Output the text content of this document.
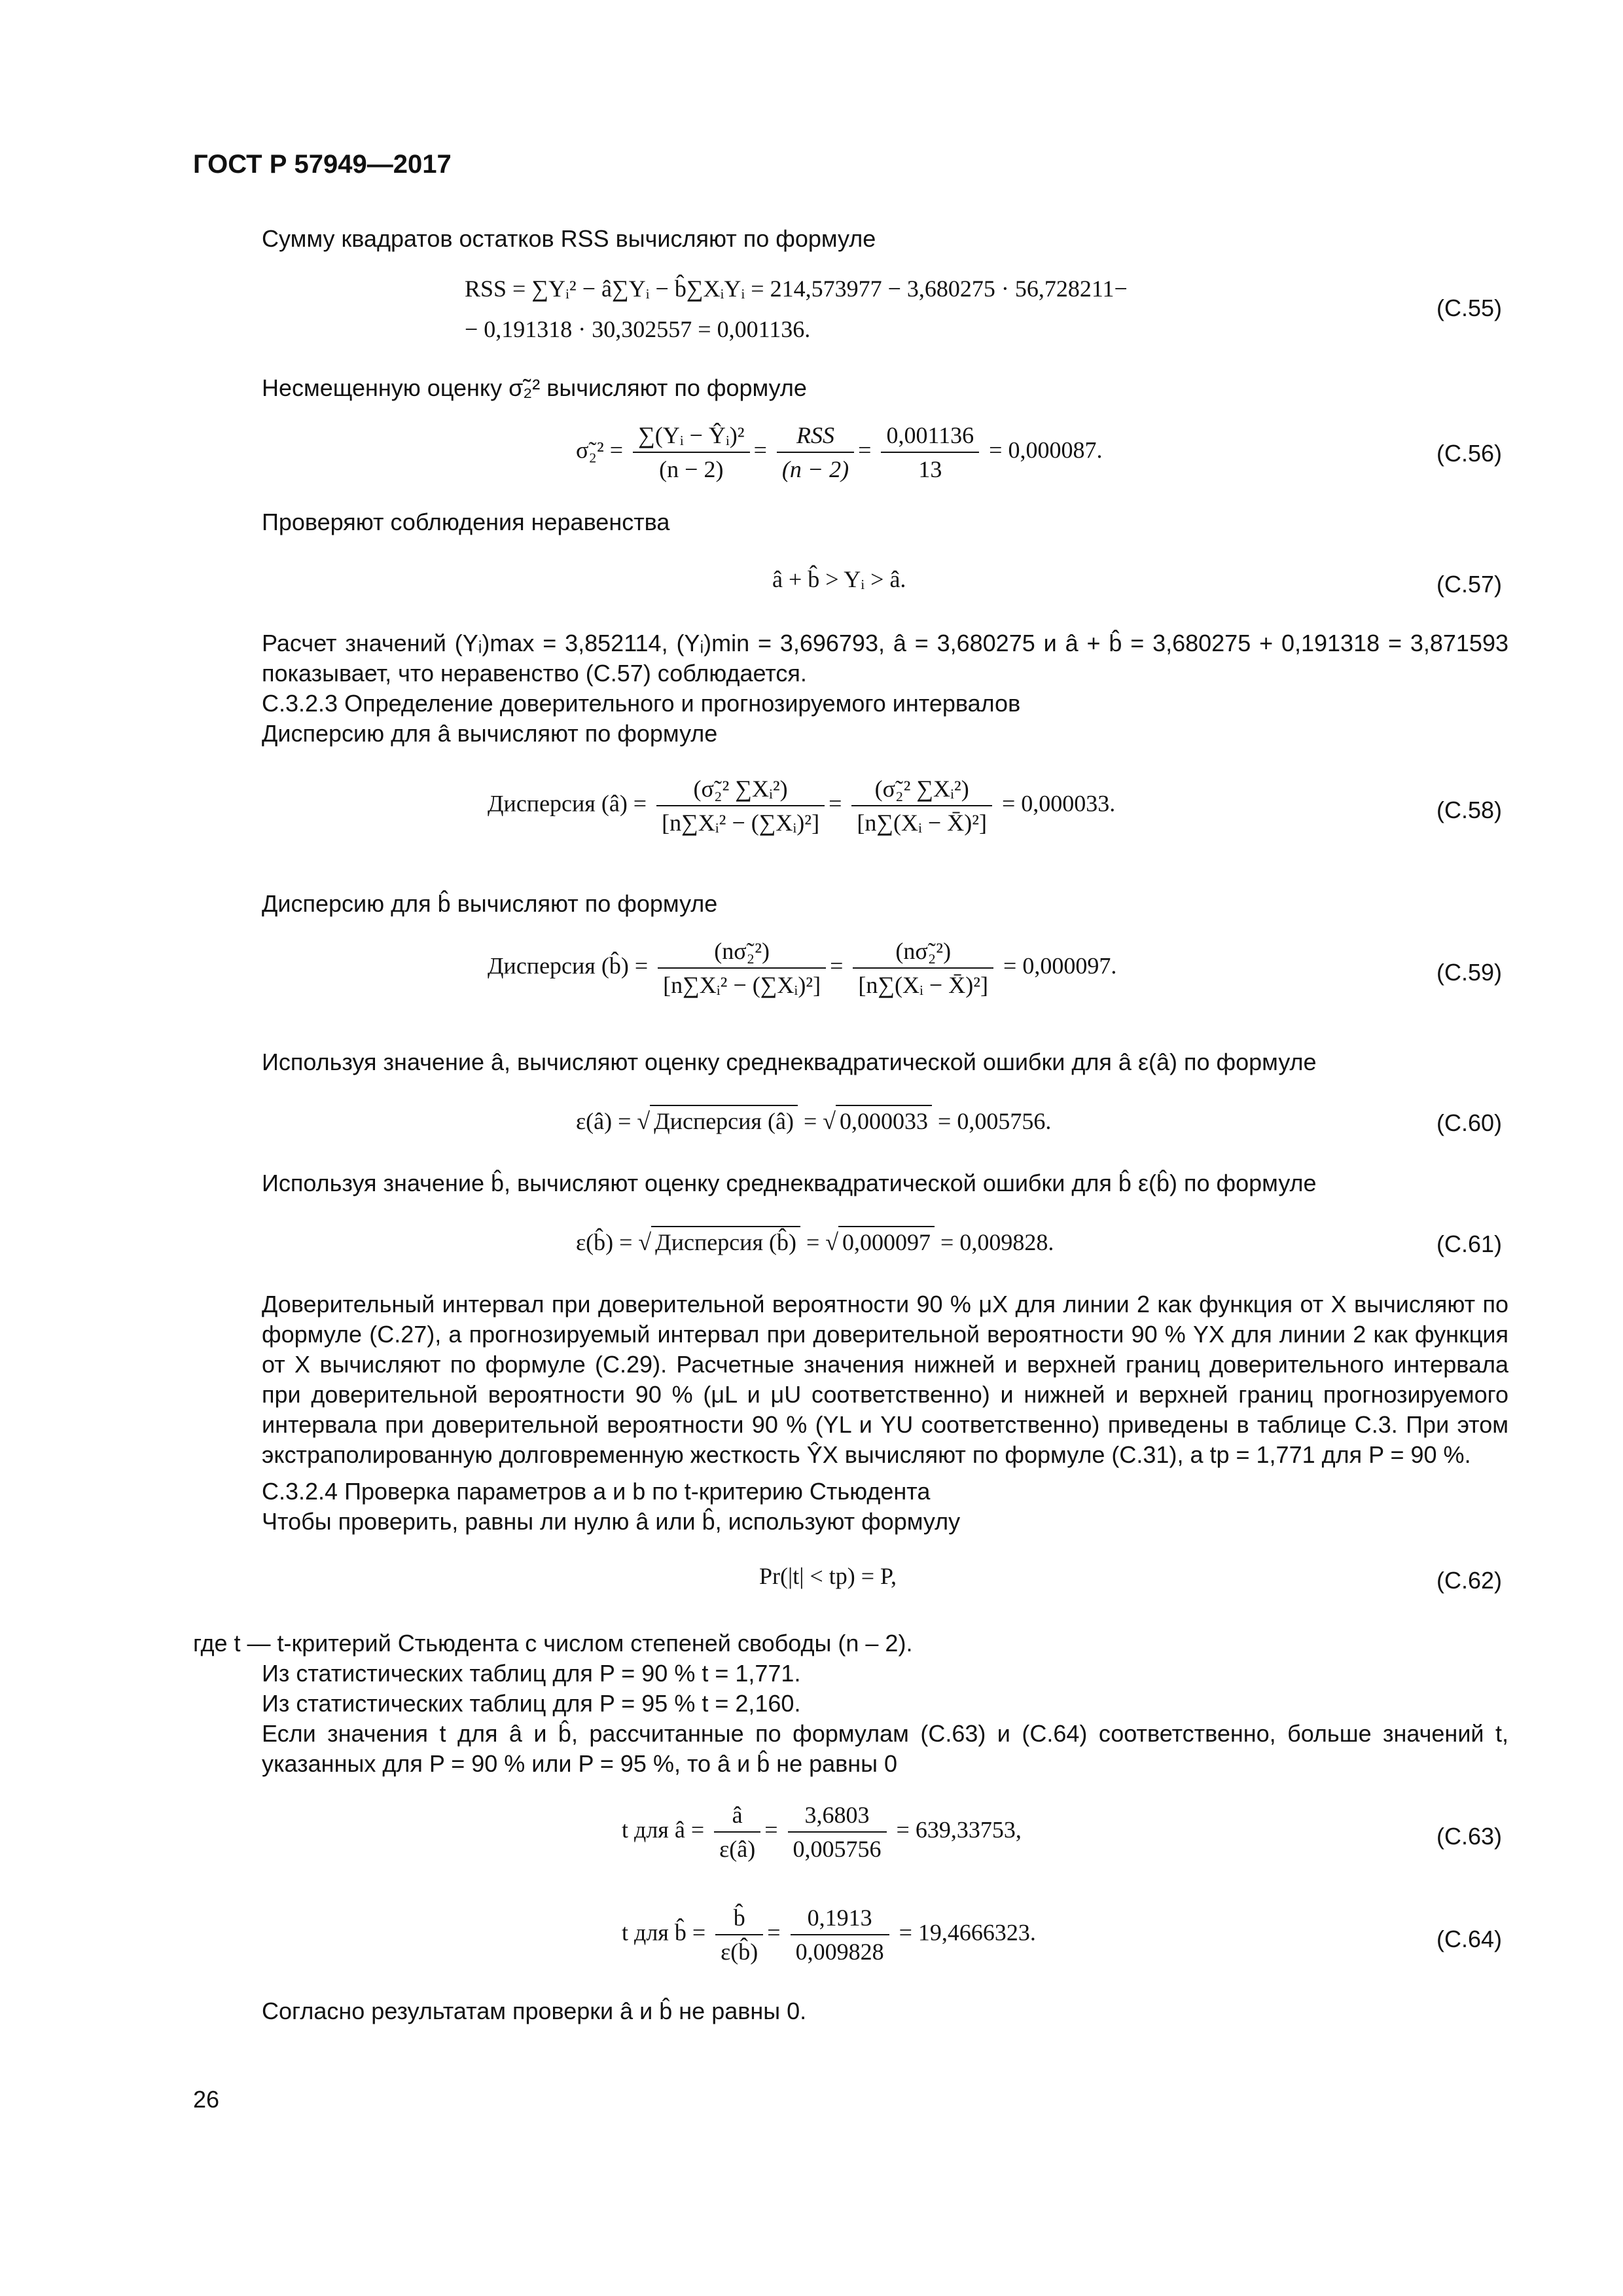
ГОСТ Р 57949—2017
Сумму квадратов остатков RSS вычисляют по формуле
RSS = ∑Yᵢ² − â∑Yᵢ − b̂∑XᵢYᵢ = 214,573977 − 3,680275 · 56,728211−
− 0,191318 · 30,302557 = 0,001136.
(С.55)
Несмещенную оценку σ̃₂² вычисляют по формуле
σ̃₂² = $\frac{\text{∑(Yᵢ − Ŷᵢ)²}}{(n - 2)} = \frac{\text{RSS}}{(n - 2)} = \frac{0,001136}{13} = 0,000087$.	(С.56)
Проверяют соблюдения неравенства
â + b̂ > Yᵢ > â.	(С.57)
Расчет значений (Yᵢ)max = 3,852114, (Yᵢ)min = 3,696793, â = 3,680275 и â + b̂ = 3,680275 + 0,191318 = 3,871593 показывает, что неравенство (С.57) соблюдается.
С.3.2.3 Определение доверительного и прогнозируемого интервалов
Дисперсию для â вычисляют по формуле
Дисперсия (â) = $\frac{\text{(σ̃₂² ∑Xᵢ²)}}{\text{[n∑Xᵢ² − (∑Xᵢ)²]}} = \frac{\text{(σ̃₂² ∑Xᵢ²)}}{\text{[n∑(Xᵢ − X̄)²]}} = 0,000033$.	(С.58)
Дисперсию для b̂ вычисляют по формуле
Дисперсия (b̂) = $\frac{\text{(nσ̃₂²)}}{\text{[n∑Xᵢ² − (∑Xᵢ)²]}} = \frac{\text{(nσ̃₂²)}}{\text{[n∑(Xᵢ − X̄)²]}} = 0,000097$.	(С.59)
Используя значение â, вычисляют оценку среднеквадратической ошибки для â ε(â) по формуле
ε(â) = √ Дисперсия (â) = √ 0,000033 = 0,005756.	(С.60)
Используя значение b̂, вычисляют оценку среднеквадратической ошибки для b̂ ε(b̂) по формуле
ε(b̂) = √ Дисперсия (b̂) = √ 0,000097 = 0,009828.	(С.61)
Доверительный интервал при доверительной вероятности 90 % μX для линии 2 как функция от X вычисляют по формуле (С.27), а прогнозируемый интервал при доверительной вероятности 90 % YX для линии 2 как функция от X вычисляют по формуле (С.29). Расчетные значения нижней и верхней границ доверительного интервала при доверительной вероятности 90 % (μL и μU соответственно) и нижней и верхней границ прогнозируемого интервала при доверительной вероятности 90 % (YL и YU соответственно) приведены в таблице С.3. При этом экстраполированную долговременную жесткость ŶX вычисляют по формуле (С.31), а tp = 1,771 для P = 90 %.
С.3.2.4 Проверка параметров a и b по t-критерию Стьюдента
Чтобы проверить, равны ли нулю â или b̂, используют формулу
Pr(|t| < tp) = P,	(С.62)
где t — t-критерий Стьюдента с числом степеней свободы (n – 2).
Из статистических таблиц для P = 90 % t = 1,771.
Из статистических таблиц для P = 95 % t = 2,160.
Если значения t для â и b̂, рассчитанные по формулам (С.63) и (С.64) соответственно, больше значений t, указанных для P = 90 % или P = 95 %, то â и b̂ не равны 0
t для â = $\frac{â}{\varepsilon(â)} = \frac{3,6803}{0,005756} = 639,33753$,	(С.63)
t для b̂ = $\frac{b̂}{\varepsilon(b̂)} = \frac{0,1913}{0,009828} = 19,4666323$.	(С.64)
Согласно результатам проверки â и b̂ не равны 0.
26
